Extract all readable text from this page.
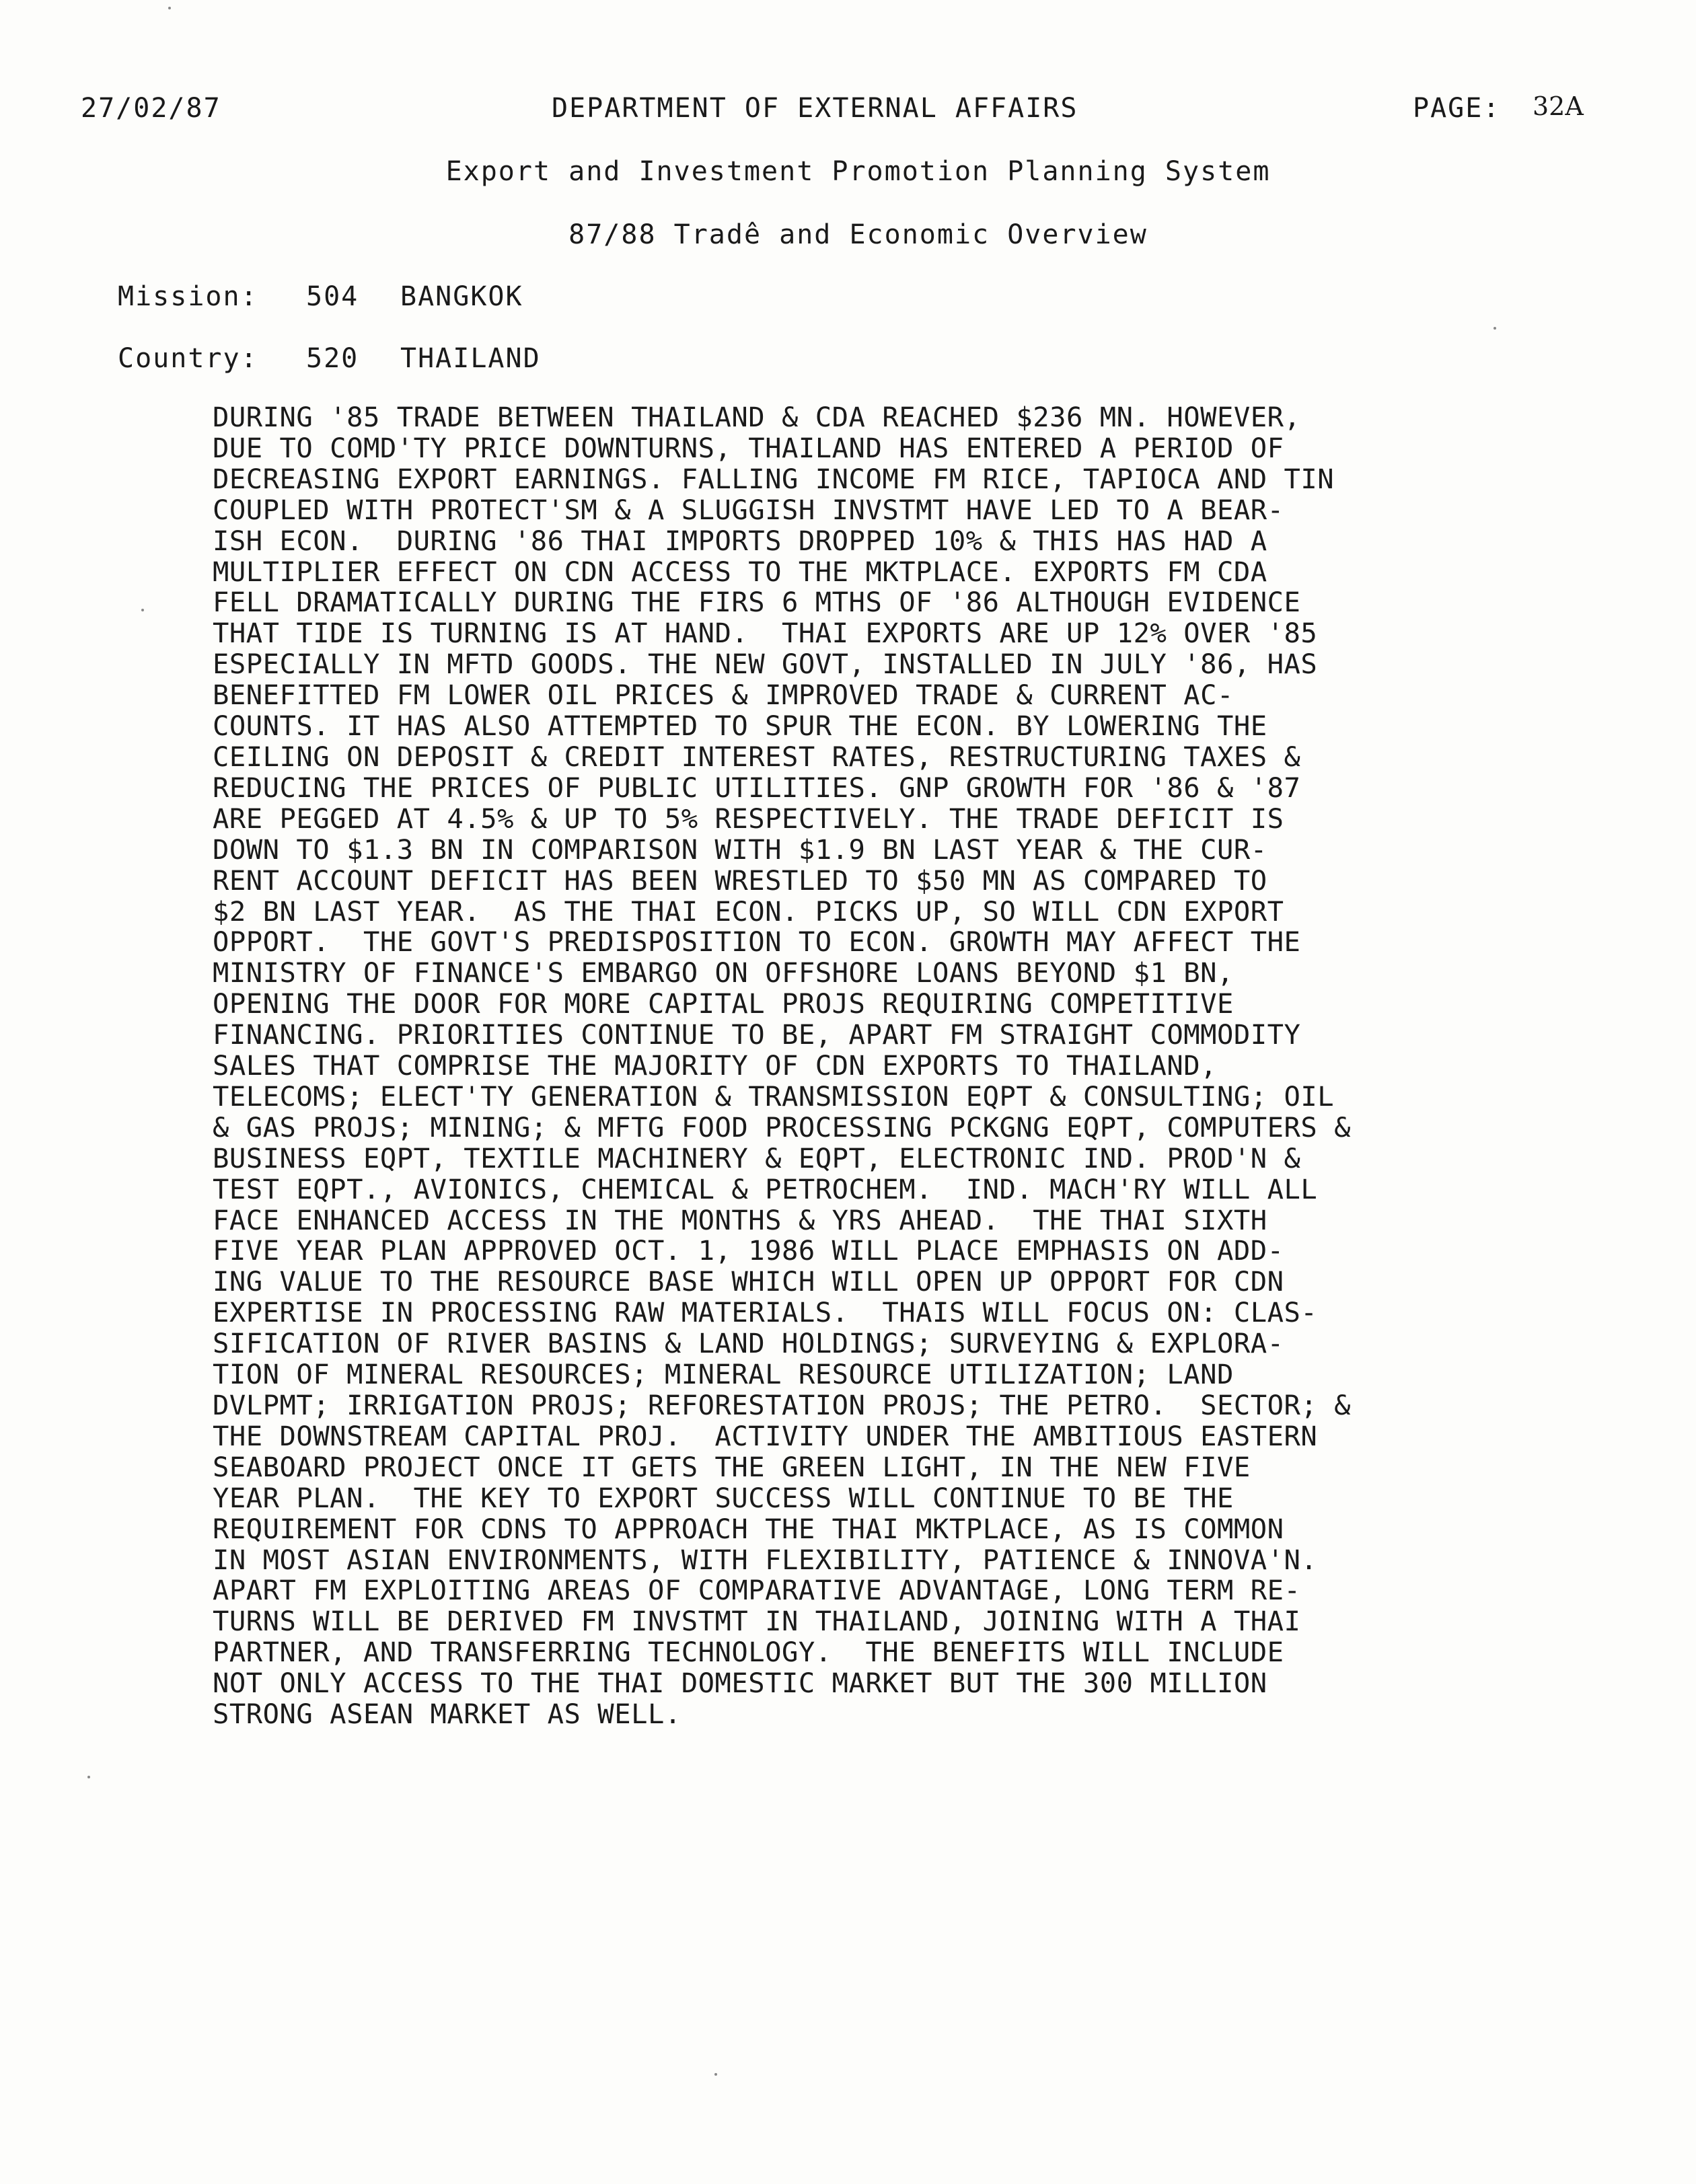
27/02/87	DEPARTMENT OF EXTERNAL AFFAIRS	PAGE: 32A
Export and Investment Promotion Planning System
87/88 Tradê and Economic Overview
Mission: 504 BANGKOK
Country: 520 THAILAND
DURING '85 TRADE BETWEEN THAILAND & CDA REACHED $236 MN. HOWEVER,
DUE TO COMD'TY PRICE DOWNTURNS, THAILAND HAS ENTERED A PERIOD OF
DECREASING EXPORT EARNINGS. FALLING INCOME FM RICE, TAPIOCA AND TIN
COUPLED WITH PROTECT'SM & A SLUGGISH INVSTMT HAVE LED TO A BEAR-
ISH ECON.  DURING '86 THAI IMPORTS DROPPED 10% & THIS HAS HAD A
MULTIPLIER EFFECT ON CDN ACCESS TO THE MKTPLACE. EXPORTS FM CDA
FELL DRAMATICALLY DURING THE FIRS 6 MTHS OF '86 ALTHOUGH EVIDENCE
THAT TIDE IS TURNING IS AT HAND.  THAI EXPORTS ARE UP 12% OVER '85
ESPECIALLY IN MFTD GOODS. THE NEW GOVT, INSTALLED IN JULY '86, HAS
BENEFITTED FM LOWER OIL PRICES & IMPROVED TRADE & CURRENT AC-
COUNTS. IT HAS ALSO ATTEMPTED TO SPUR THE ECON. BY LOWERING THE
CEILING ON DEPOSIT & CREDIT INTEREST RATES, RESTRUCTURING TAXES &
REDUCING THE PRICES OF PUBLIC UTILITIES. GNP GROWTH FOR '86 & '87
ARE PEGGED AT 4.5% & UP TO 5% RESPECTIVELY. THE TRADE DEFICIT IS
DOWN TO $1.3 BN IN COMPARISON WITH $1.9 BN LAST YEAR & THE CUR-
RENT ACCOUNT DEFICIT HAS BEEN WRESTLED TO $50 MN AS COMPARED TO
$2 BN LAST YEAR.  AS THE THAI ECON. PICKS UP, SO WILL CDN EXPORT
OPPORT.  THE GOVT'S PREDISPOSITION TO ECON. GROWTH MAY AFFECT THE
MINISTRY OF FINANCE'S EMBARGO ON OFFSHORE LOANS BEYOND $1 BN,
OPENING THE DOOR FOR MORE CAPITAL PROJS REQUIRING COMPETITIVE
FINANCING. PRIORITIES CONTINUE TO BE, APART FM STRAIGHT COMMODITY
SALES THAT COMPRISE THE MAJORITY OF CDN EXPORTS TO THAILAND,
TELECOMS; ELECT'TY GENERATION & TRANSMISSION EQPT & CONSULTING; OIL
& GAS PROJS; MINING; & MFTG FOOD PROCESSING PCKGNG EQPT, COMPUTERS &
BUSINESS EQPT, TEXTILE MACHINERY & EQPT, ELECTRONIC IND. PROD'N &
TEST EQPT., AVIONICS, CHEMICAL & PETROCHEM.  IND. MACH'RY WILL ALL
FACE ENHANCED ACCESS IN THE MONTHS & YRS AHEAD.  THE THAI SIXTH
FIVE YEAR PLAN APPROVED OCT. 1, 1986 WILL PLACE EMPHASIS ON ADD-
ING VALUE TO THE RESOURCE BASE WHICH WILL OPEN UP OPPORT FOR CDN
EXPERTISE IN PROCESSING RAW MATERIALS.  THAIS WILL FOCUS ON: CLAS-
SIFICATION OF RIVER BASINS & LAND HOLDINGS; SURVEYING & EXPLORA-
TION OF MINERAL RESOURCES; MINERAL RESOURCE UTILIZATION; LAND
DVLPMT; IRRIGATION PROJS; REFORESTATION PROJS; THE PETRO.  SECTOR; &
THE DOWNSTREAM CAPITAL PROJ.  ACTIVITY UNDER THE AMBITIOUS EASTERN
SEABOARD PROJECT ONCE IT GETS THE GREEN LIGHT, IN THE NEW FIVE
YEAR PLAN.  THE KEY TO EXPORT SUCCESS WILL CONTINUE TO BE THE
REQUIREMENT FOR CDNS TO APPROACH THE THAI MKTPLACE, AS IS COMMON
IN MOST ASIAN ENVIRONMENTS, WITH FLEXIBILITY, PATIENCE & INNOVA'N.
APART FM EXPLOITING AREAS OF COMPARATIVE ADVANTAGE, LONG TERM RE-
TURNS WILL BE DERIVED FM INVSTMT IN THAILAND, JOINING WITH A THAI
PARTNER, AND TRANSFERRING TECHNOLOGY.  THE BENEFITS WILL INCLUDE
NOT ONLY ACCESS TO THE THAI DOMESTIC MARKET BUT THE 300 MILLION
STRONG ASEAN MARKET AS WELL.
